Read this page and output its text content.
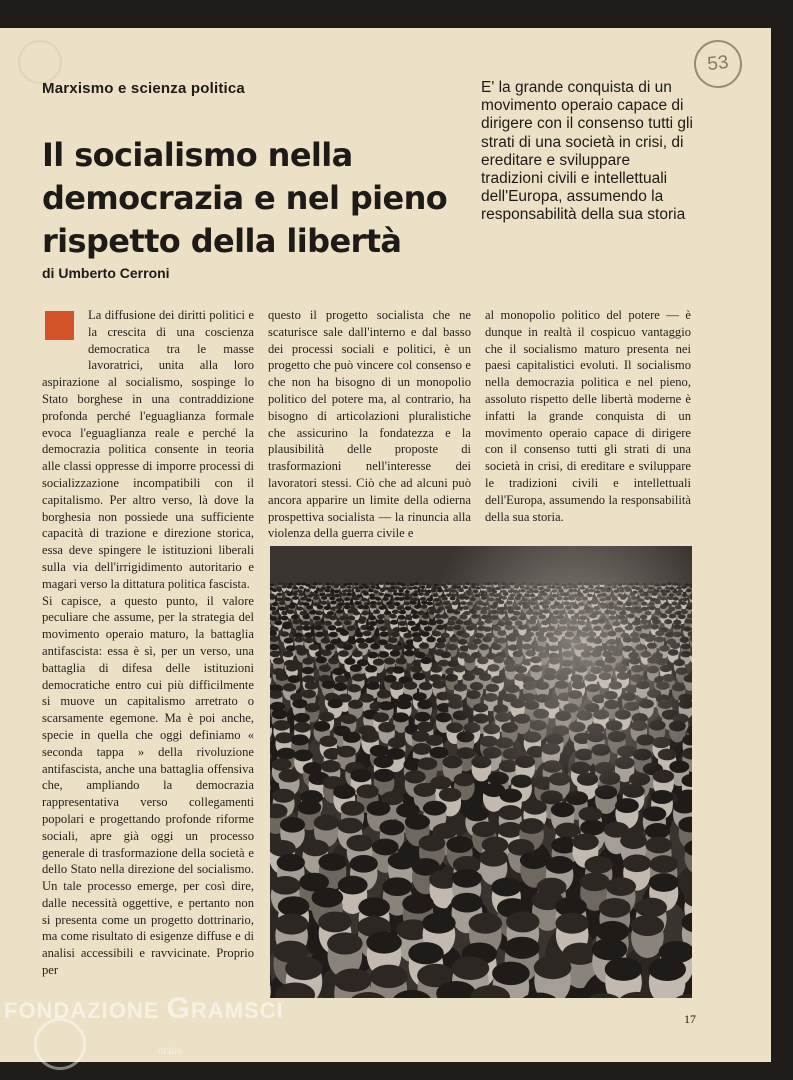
53
Marxismo e scienza politica
Il socialismo nella democrazia e nel pieno rispetto della libertà
di Umberto Cerroni

E' la grande conquista di un movimento operaio capace di dirigere con il consenso tutti gli strati di una società in crisi, di ereditare e sviluppare tradizioni civili e intellettuali dell'Europa, assumendo la responsabilità della sua storia

La diffusione dei diritti politici e la crescita di una coscienza democratica tra le masse lavoratrici, unita alla loro aspirazione al socialismo, sospinge lo Stato borghese in una contraddizione profonda perché l'eguaglianza formale evoca l'eguaglianza reale e perché la democrazia politica consente in teoria alle classi oppresse di imporre processi di socializzazione incompatibili con il capitalismo. Per altro verso, là dove la borghesia non possiede una sufficiente capacità di trazione e direzione storica, essa deve spingere le istituzioni liberali sulla via dell'irrigidimento autoritario e magari verso la dittatura politica fascista.

Si capisce, a questo punto, il valore peculiare che assume, per la strategia del movimento operaio maturo, la battaglia antifascista: essa è sì, per un verso, una battaglia di difesa delle istituzioni democratiche entro cui più difficilmente si muove un capitalismo arretrato o scarsamente egemone. Ma è poi anche, specie in quella che oggi definiamo « seconda tappa » della rivoluzione antifascista, anche una battaglia offensiva che, ampliando la democrazia rappresentativa verso collegamenti popolari e progettando profonde riforme sociali, apre già oggi un processo generale di trasformazione della società e dello Stato nella direzione del socialismo. Un tale processo emerge, per così dire, dalle necessità oggettive, e pertanto non si presenta come un progetto dottrinario, ma come risultato di esigenze diffuse e di analisi accessibili e ravvicinate. Proprio per

questo il progetto socialista che ne scaturisce sale dall'interno e dal basso dei processi sociali e politici, è un progetto che può vincere col consenso e che non ha bisogno di un monopolio politico del potere ma, al contrario, ha bisogno di articolazioni pluralistiche che assicurino la fondatezza e la plausibilità delle proposte di trasformazioni nell'interesse dei lavoratori stessi. Ciò che ad alcuni può ancora apparire un limite della odierna prospettiva socialista — la rinuncia alla violenza della guerra civile e

al monopolio politico del potere — è dunque in realtà il cospicuo vantaggio che il socialismo maturo presenta nei paesi capitalistici evoluti. Il socialismo nella democrazia politica e nel pieno, assoluto rispetto delle libertà moderne è infatti la grande conquista di un movimento operaio capace di dirigere con il consenso tutti gli strati di una società in crisi, di ereditare e sviluppare le tradizioni civili e intellettuali dell'Europa, assumendo la responsabilità della sua storia.

17
FONDAZIONE GRAMSCI
onlus
